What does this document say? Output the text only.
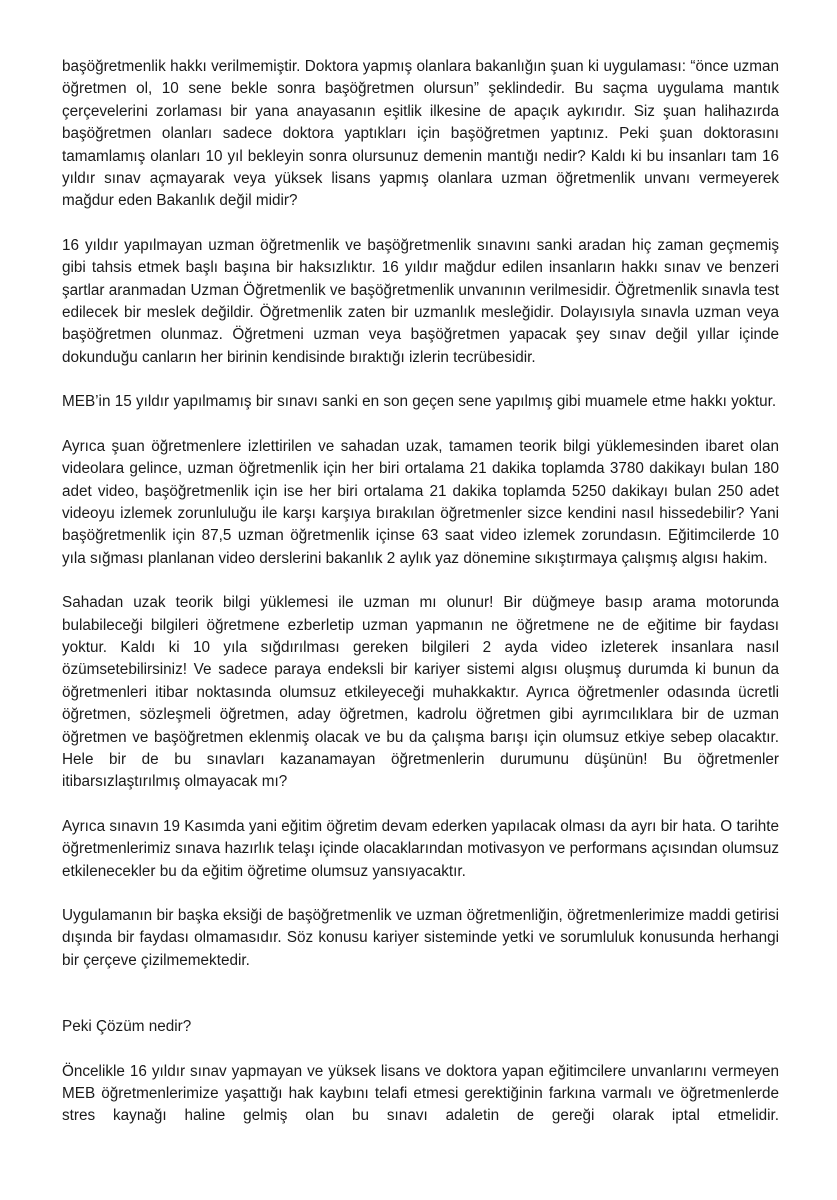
başöğretmenlik hakkı verilmemiştir. Doktora yapmış olanlara bakanlığın şuan ki uygulaması: “önce uzman öğretmen ol, 10 sene bekle sonra başöğretmen olursun” şeklindedir. Bu saçma uygulama mantık çerçevelerini zorlaması bir yana anayasanın eşitlik ilkesine de apaçık aykırıdır. Siz şuan halihazırda başöğretmen olanları sadece doktora yaptıkları için başöğretmen yaptınız. Peki şuan doktorasını tamamlamış olanları 10 yıl bekleyin sonra olursunuz demenin mantığı nedir? Kaldı ki bu insanları tam 16 yıldır sınav açmayarak veya yüksek lisans yapmış olanlara uzman öğretmenlik unvanı vermeyerek mağdur eden Bakanlık değil midir?

16 yıldır yapılmayan uzman öğretmenlik ve başöğretmenlik sınavını sanki aradan hiç zaman geçmemiş gibi tahsis etmek başlı başına bir haksızlıktır. 16 yıldır mağdur edilen insanların hakkı sınav ve benzeri şartlar aranmadan Uzman Öğretmenlik ve başöğretmenlik unvanının verilmesidir. Öğretmenlik sınavla test edilecek bir meslek değildir. Öğretmenlik zaten bir uzmanlık mesleğidir. Dolayısıyla sınavla uzman veya başöğretmen olunmaz. Öğretmeni uzman veya başöğretmen yapacak şey sınav değil yıllar içinde dokunduğu canların her birinin kendisinde bıraktığı izlerin tecrübesidir.

MEB’in 15 yıldır yapılmamış bir sınavı sanki en son geçen sene yapılmış gibi muamele etme hakkı yoktur.

Ayrıca şuan öğretmenlere izlettirilen ve sahadan uzak, tamamen teorik bilgi yüklemesinden ibaret olan videolara gelince, uzman öğretmenlik için her biri ortalama 21 dakika toplamda 3780 dakikayı bulan 180 adet video, başöğretmenlik için ise her biri ortalama 21 dakika toplamda 5250 dakikayı bulan 250 adet videoyu izlemek zorunluluğu ile karşı karşıya bırakılan öğretmenler sizce kendini nasıl hissedebilir? Yani başöğretmenlik için 87,5 uzman öğretmenlik içinse 63 saat video izlemek zorundasın. Eğitimcilerde 10 yıla sığması planlanan video derslerini bakanlık 2 aylık yaz dönemine sıkıştırmaya çalışmış algısı hakim.

Sahadan uzak teorik bilgi yüklemesi ile uzman mı olunur! Bir düğmeye basıp arama motorunda bulabileceği bilgileri öğretmene ezberletip uzman yapmanın ne öğretmene ne de eğitime bir faydası yoktur. Kaldı ki 10 yıla sığdırılması gereken bilgileri 2 ayda video izleterek insanlara nasıl özümsetebilirsiniz! Ve sadece paraya endeksli bir kariyer sistemi algısı oluşmuş durumda ki bunun da öğretmenleri itibar noktasında olumsuz etkileyeceği muhakkaktır. Ayrıca öğretmenler odasında ücretli öğretmen, sözleşmeli öğretmen, aday öğretmen, kadrolu öğretmen gibi ayrımcılıklara bir de uzman öğretmen ve başöğretmen eklenmiş olacak ve bu da çalışma barışı için olumsuz etkiye sebep olacaktır. Hele bir de bu sınavları kazanamayan öğretmenlerin durumunu düşünün! Bu öğretmenler itibarsızlaştırılmış olmayacak mı?

Ayrıca sınavın 19 Kasımda yani eğitim öğretim devam ederken yapılacak olması da ayrı bir hata. O tarihte öğretmenlerimiz sınava hazırlık telaşı içinde olacaklarından motivasyon ve performans açısından olumsuz etkilenecekler bu da eğitim öğretime olumsuz yansıyacaktır.

Uygulamanın bir başka eksiği de başöğretmenlik ve uzman öğretmenliğin, öğretmenlerimize maddi getirisi dışında bir faydası olmamasıdır. Söz konusu kariyer sisteminde yetki ve sorumluluk konusunda herhangi bir çerçeve çizilmemektedir.

Peki Çözüm nedir?

Öncelikle 16 yıldır sınav yapmayan ve yüksek lisans ve doktora yapan eğitimcilere unvanlarını vermeyen MEB öğretmenlerimize yaşattığı hak kaybını telafi etmesi gerektiğinin farkına varmalı ve öğretmenlerde stres kaynağı haline gelmiş olan bu sınavı adaletin de gereği olarak iptal etmelidir.
